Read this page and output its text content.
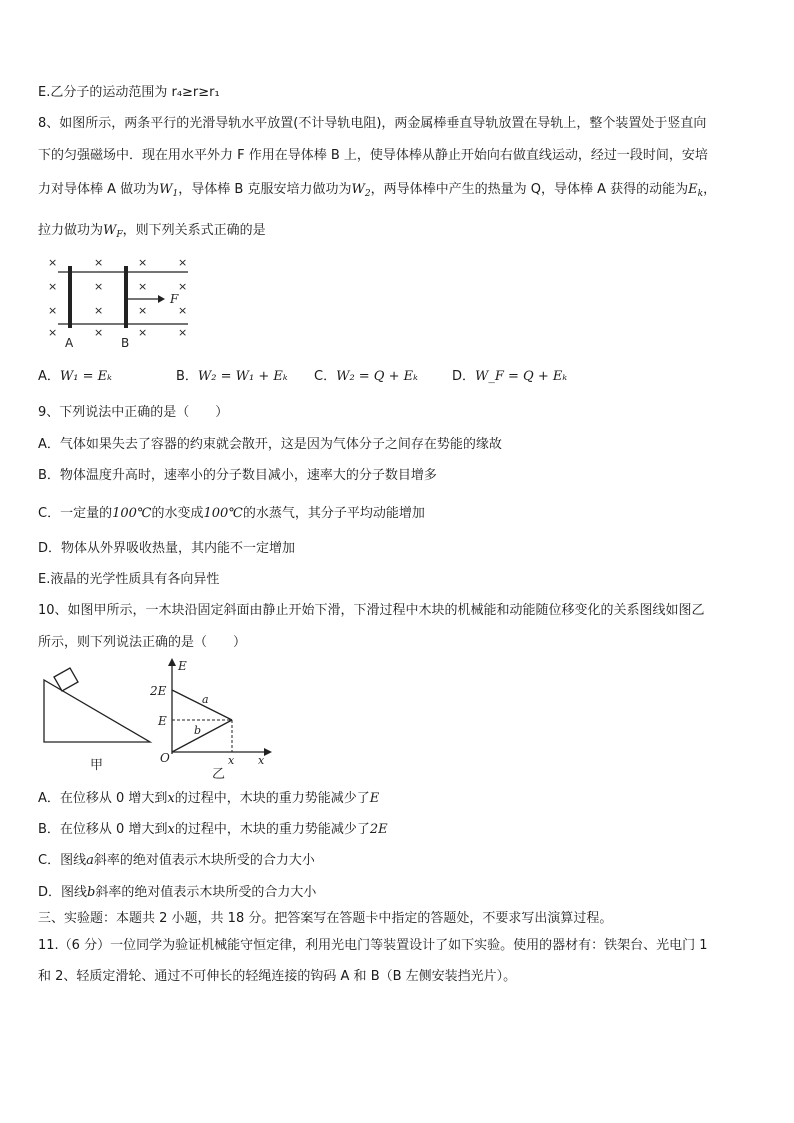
E.乙分子的运动范围为 r₄≥r≥r₁
8、如图所示，两条平行的光滑导轨水平放置(不计导轨电阻)，两金属棒垂直导轨放置在导轨上，整个装置处于竖直向
下的匀强磁场中．现在用水平外力 F 作用在导体棒 B 上，使导体棒从静止开始向右做直线运动，经过一段时间，安培
力对导体棒 A 做功为$W_1$，导体棒 B 克服安培力做功为$W_2$，两导体棒中产生的热量为 Q，导体棒 A 获得的动能为$E_k$，
拉力做功为$W_F$，则下列关系式正确的是
×	×	×	×
×	×	×	×
×	×	×	×
×	×	×	×
F
A	B
A．W₁ = Eₖ	B．W₂ = W₁ + Eₖ C．W₂ = Q + Eₖ	D．W_F = Q + Eₖ
9、下列说法中正确的是（　　）
A．气体如果失去了容器的约束就会散开，这是因为气体分子之间存在势能的缘故
B．物体温度升高时，速率小的分子数目减小，速率大的分子数目增多
C．一定量的100℃的水变成100℃的水蒸气，其分子平均动能增加
D．物体从外界吸收热量，其内能不一定增加
E.液晶的光学性质具有各向异性
10、如图甲所示，一木块沿固定斜面由静止开始下滑，下滑过程中木块的机械能和动能随位移变化的关系图线如图乙
所示，则下列说法正确的是（　　）
甲
E
2E
E
O	x x
a
b
乙
A．在位移从 0 增大到x的过程中，木块的重力势能减少了E
B．在位移从 0 增大到x的过程中，木块的重力势能减少了2E
C．图线a斜率的绝对值表示木块所受的合力大小
D．图线b斜率的绝对值表示木块所受的合力大小
三、实验题：本题共 2 小题，共 18 分。把答案写在答题卡中指定的答题处，不要求写出演算过程。
11.（6 分）一位同学为验证机械能守恒定律，利用光电门等装置设计了如下实验。使用的器材有：铁架台、光电门 1
和 2、轻质定滑轮、通过不可伸长的轻绳连接的钩码 A 和 B（B 左侧安装挡光片）。
